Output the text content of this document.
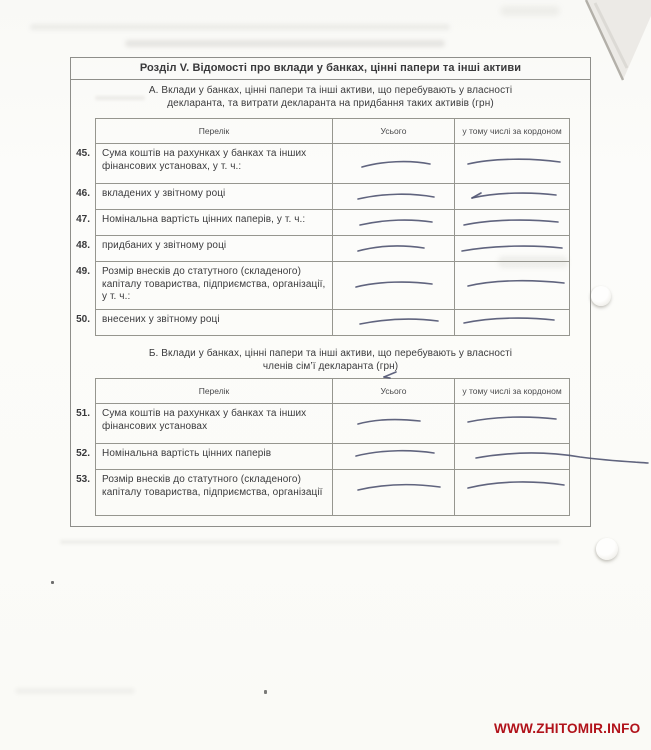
Розділ V. Відомості про вклади у банках, цінні папери та інші активи
А. Вклади у банках, цінні папери та інші активи, що перебувають у власності
декларанта, та витрати декларанта на придбання таких активів (грн)
Перелік	Усього	у тому числі за кордоном
45.	Сума коштів на рахунках у банках та інших фінансових установах, у т. ч.:
46.	вкладених у звітному році
47.	Номінальна вартість цінних паперів, у т. ч.:
48.	придбаних у звітному році
49.	Розмір внесків до статутного (складеного) капіталу товариства, підприємства, організації, у т. ч.:
50.	внесених у звітному році
Б. Вклади у банках, цінні папери та інші активи, що перебувають у власності
членів сім’ї декларанта (грн)
Перелік	Усього	у тому числі за кордоном
51.	Сума коштів на рахунках у банках та інших фінансових установах
52.	Номінальна вартість цінних паперів
53.	Розмір внесків до статутного (складеного) капіталу товариства, підприємства, організації
WWW.ZHITOMIR.INFO
